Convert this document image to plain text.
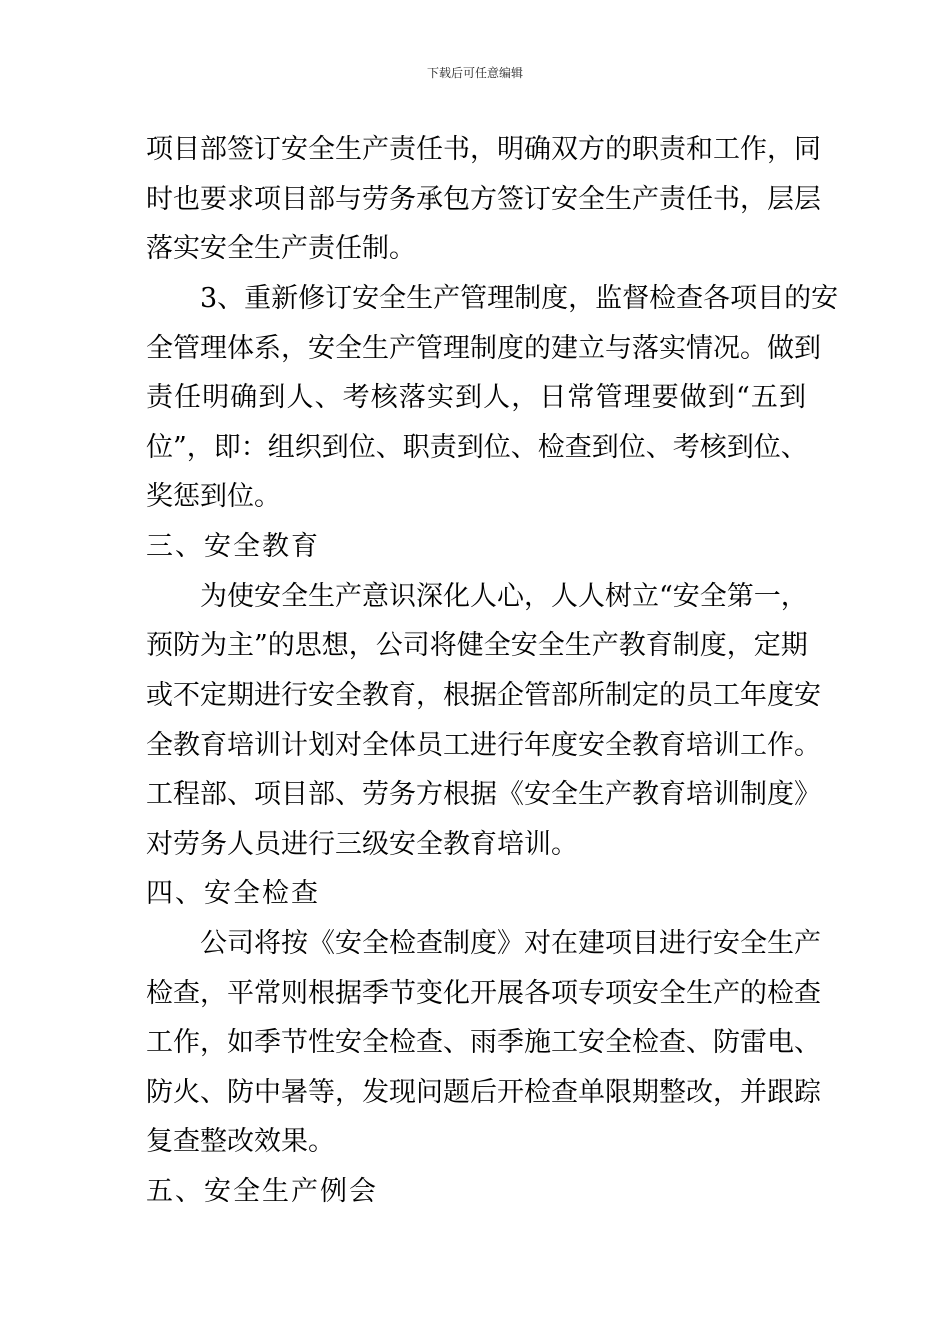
下载后可任意编辑
项目部签订安全生产责任书，明确双方的职责和工作，同
时也要求项目部与劳务承包方签订安全生产责任书，层层
落实安全生产责任制。
3、重新修订安全生产管理制度，监督检查各项目的安
全管理体系，安全生产管理制度的建立与落实情况。做到
责任明确到人、考核落实到人，日常管理要做到“五到
位”，即：组织到位、职责到位、检查到位、考核到位、
奖惩到位。
三、安全教育
为使安全生产意识深化人心，人人树立“安全第一，
预防为主”的思想，公司将健全安全生产教育制度，定期
或不定期进行安全教育，根据企管部所制定的员工年度安
全教育培训计划对全体员工进行年度安全教育培训工作。
工程部、项目部、劳务方根据《安全生产教育培训制度》
对劳务人员进行三级安全教育培训。
四、安全检查
公司将按《安全检查制度》对在建项目进行安全生产
检查，平常则根据季节变化开展各项专项安全生产的检查
工作，如季节性安全检查、雨季施工安全检查、防雷电、
防火、防中暑等，发现问题后开检查单限期整改，并跟踪
复查整改效果。
五、安全生产例会
